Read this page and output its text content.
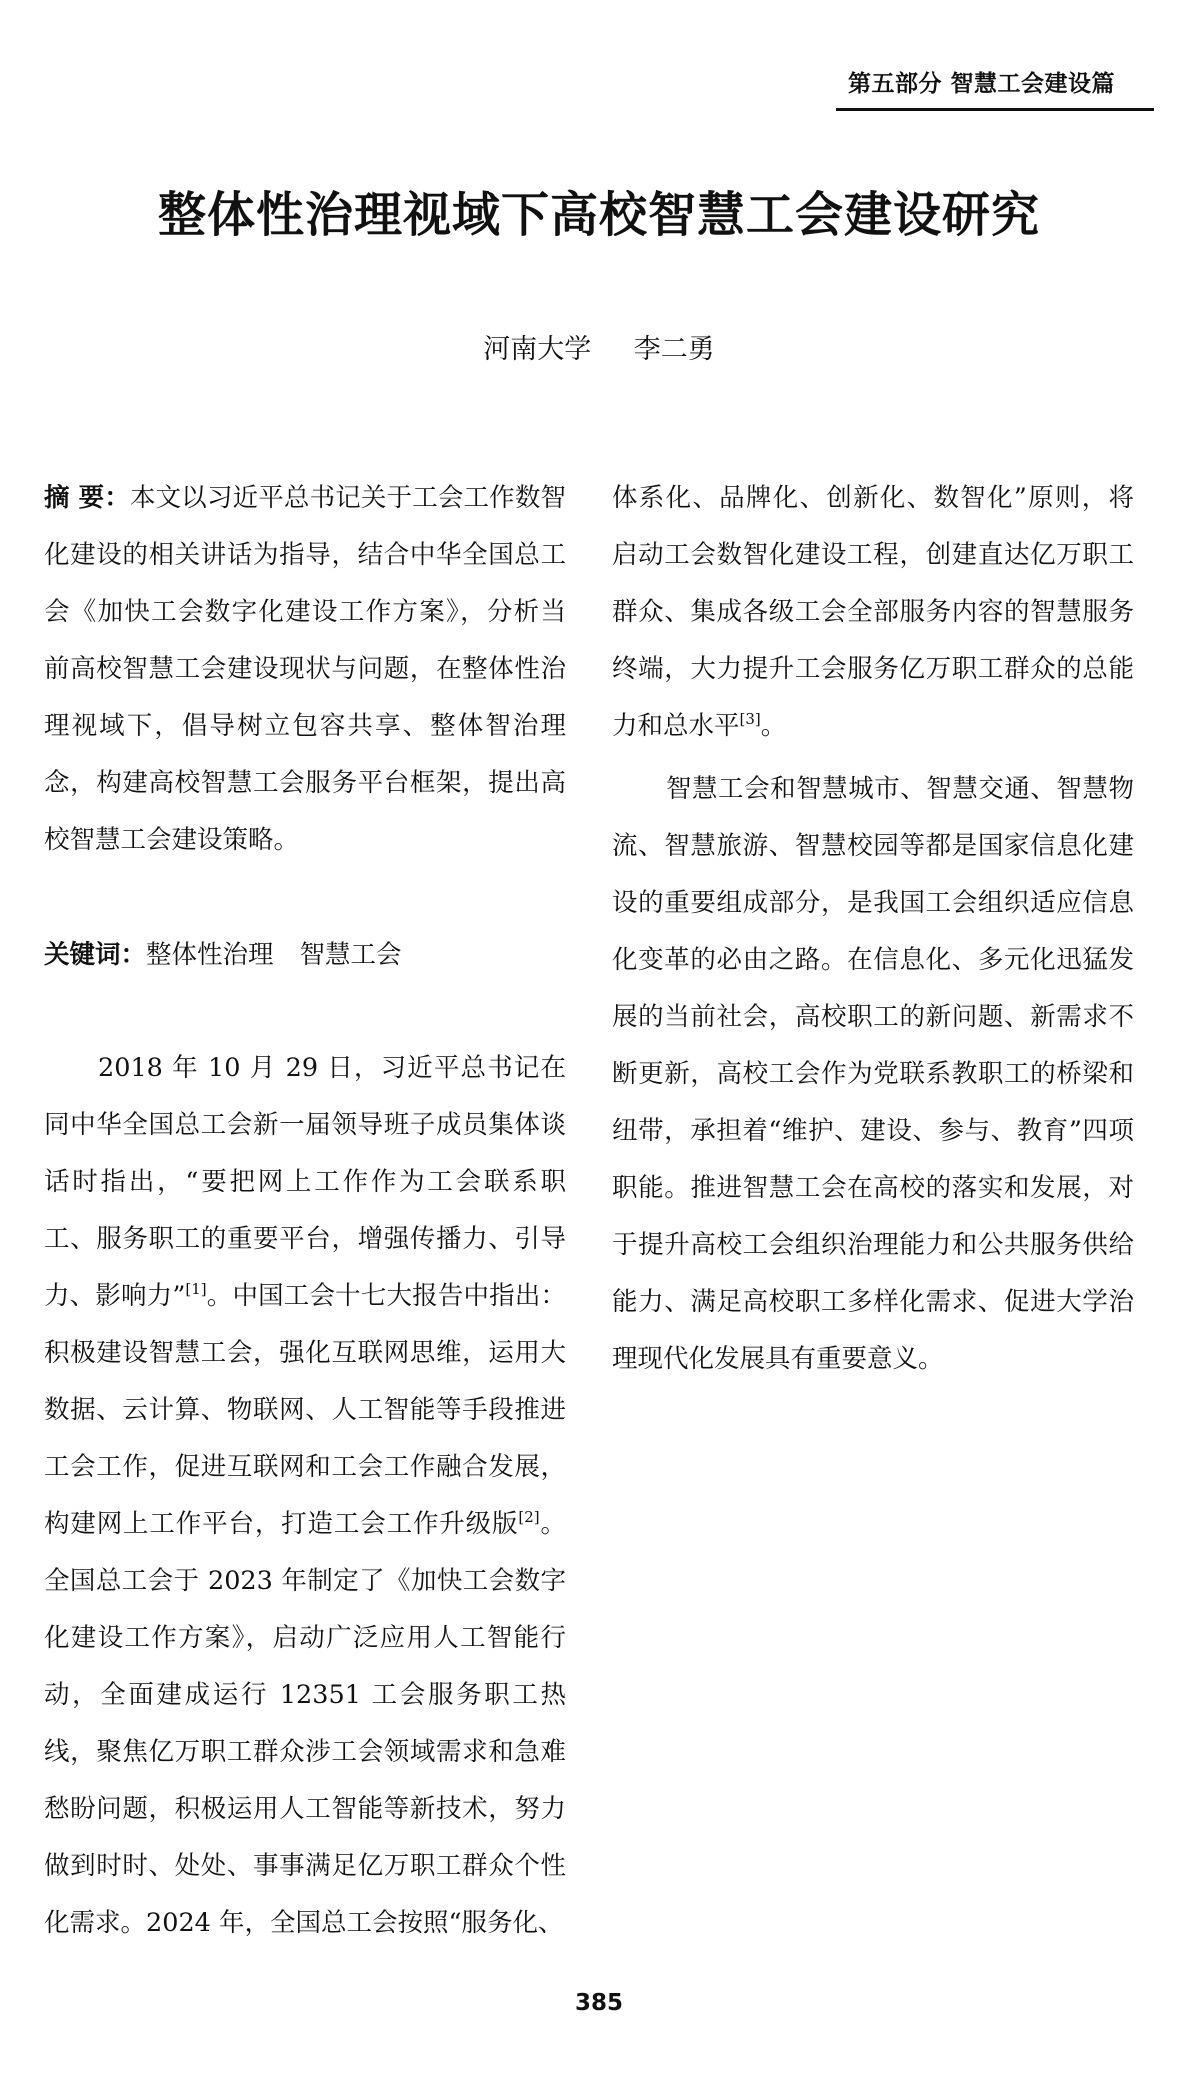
第五部分 智慧工会建设篇
整体性治理视域下高校智慧工会建设研究
河南大学 李二勇

摘 要：本文以习近平总书记关于工会工作数智化建设的相关讲话为指导，结合中华全国总工会《加快工会数字化建设工作方案》，分析当前高校智慧工会建设现状与问题，在整体性治理视域下，倡导树立包容共享、整体智治理念，构建高校智慧工会服务平台框架，提出高校智慧工会建设策略。

关键词：整体性治理 智慧工会

2018 年 10 月 29 日，习近平总书记在同中华全国总工会新一届领导班子成员集体谈话时指出，“要把网上工作作为工会联系职工、服务职工的重要平台，增强传播力、引导力、影响力”[1]。中国工会十七大报告中指出：积极建设智慧工会，强化互联网思维，运用大数据、云计算、物联网、人工智能等手段推进工会工作，促进互联网和工会工作融合发展，构建网上工作平台，打造工会工作升级版[2]。全国总工会于 2023 年制定了《加快工会数字化建设工作方案》，启动广泛应用人工智能行动，全面建成运行 12351 工会服务职工热线，聚焦亿万职工群众涉工会领域需求和急难愁盼问题，积极运用人工智能等新技术，努力做到时时、处处、事事满足亿万职工群众个性化需求。2024 年，全国总工会按照“服务化、

体系化、品牌化、创新化、数智化”原则，将启动工会数智化建设工程，创建直达亿万职工群众、集成各级工会全部服务内容的智慧服务终端，大力提升工会服务亿万职工群众的总能力和总水平[3]。

智慧工会和智慧城市、智慧交通、智慧物流、智慧旅游、智慧校园等都是国家信息化建设的重要组成部分，是我国工会组织适应信息化变革的必由之路。在信息化、多元化迅猛发展的当前社会，高校职工的新问题、新需求不断更新，高校工会作为党联系教职工的桥梁和纽带，承担着“维护、建设、参与、教育”四项职能。推进智慧工会在高校的落实和发展，对于提升高校工会组织治理能力和公共服务供给能力、满足高校职工多样化需求、促进大学治理现代化发展具有重要意义。

385
